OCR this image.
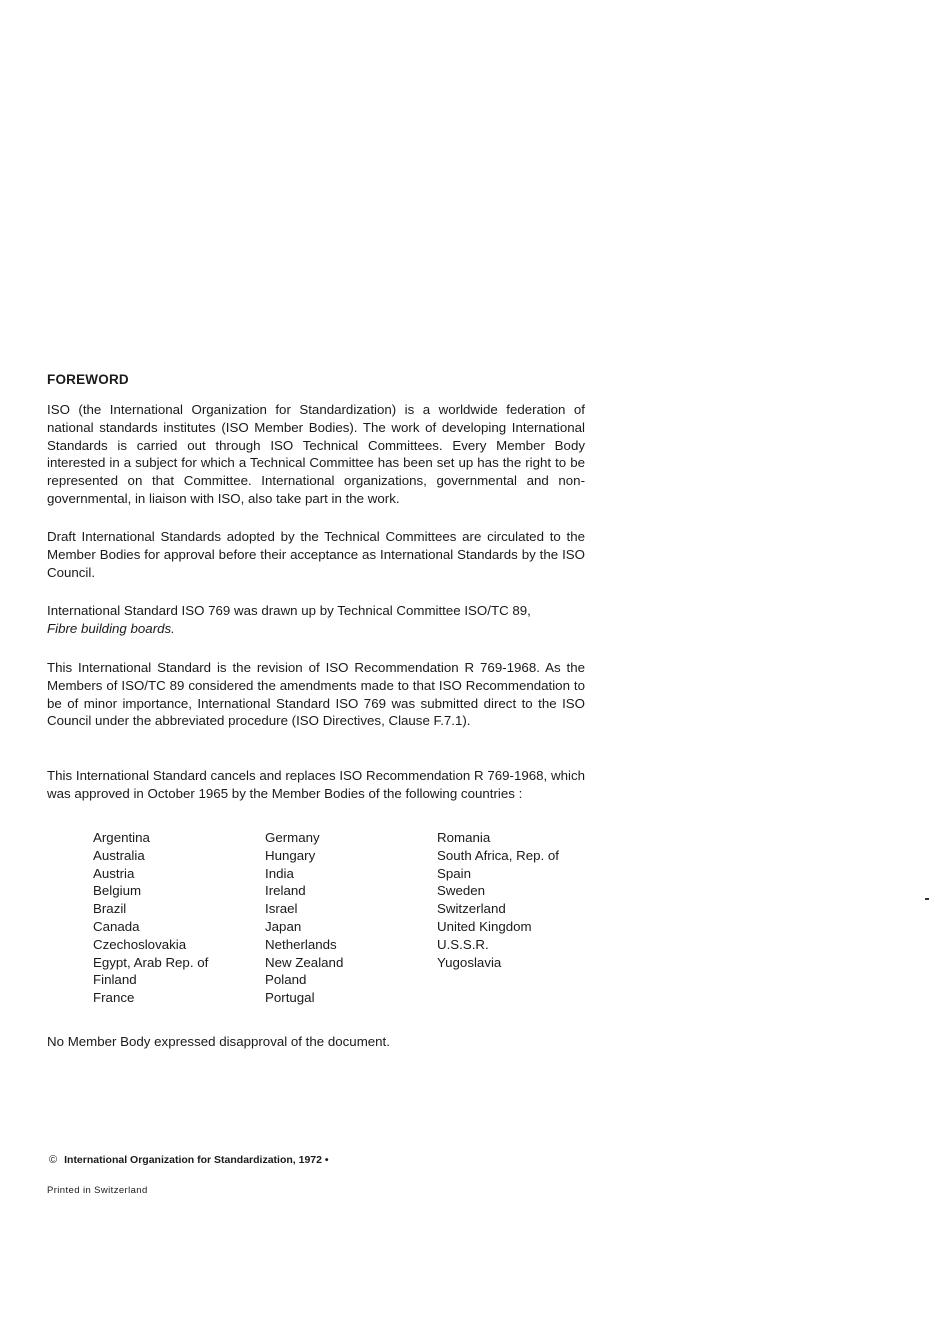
FOREWORD
ISO (the International Organization for Standardization) is a worldwide federation of national standards institutes (ISO Member Bodies). The work of developing International Standards is carried out through ISO Technical Committees. Every Member Body interested in a subject for which a Technical Committee has been set up has the right to be represented on that Committee. International organizations, governmental and non-governmental, in liaison with ISO, also take part in the work.
Draft International Standards adopted by the Technical Committees are circulated to the Member Bodies for approval before their acceptance as International Standards by the ISO Council.
International Standard ISO 769 was drawn up by Technical Committee ISO/TC 89,
Fibre building boards.
This International Standard is the revision of ISO Recommendation R 769-1968. As the Members of ISO/TC 89 considered the amendments made to that ISO Recommendation to be of minor importance, International Standard ISO 769 was submitted direct to the ISO Council under the abbreviated procedure (ISO Directives, Clause F.7.1).
This International Standard cancels and replaces ISO Recommendation R 769-1968, which was approved in October 1965 by the Member Bodies of the following countries :
Argentina
Australia
Austria
Belgium
Brazil
Canada
Czechoslovakia
Egypt, Arab Rep. of
Finland
France
Germany
Hungary
India
Ireland
Israel
Japan
Netherlands
New Zealand
Poland
Portugal
Romania
South Africa, Rep. of
Spain
Sweden
Switzerland
United Kingdom
U.S.S.R.
Yugoslavia
No Member Body expressed disapproval of the document.
© International Organization for Standardization, 1972 •
Printed in Switzerland
